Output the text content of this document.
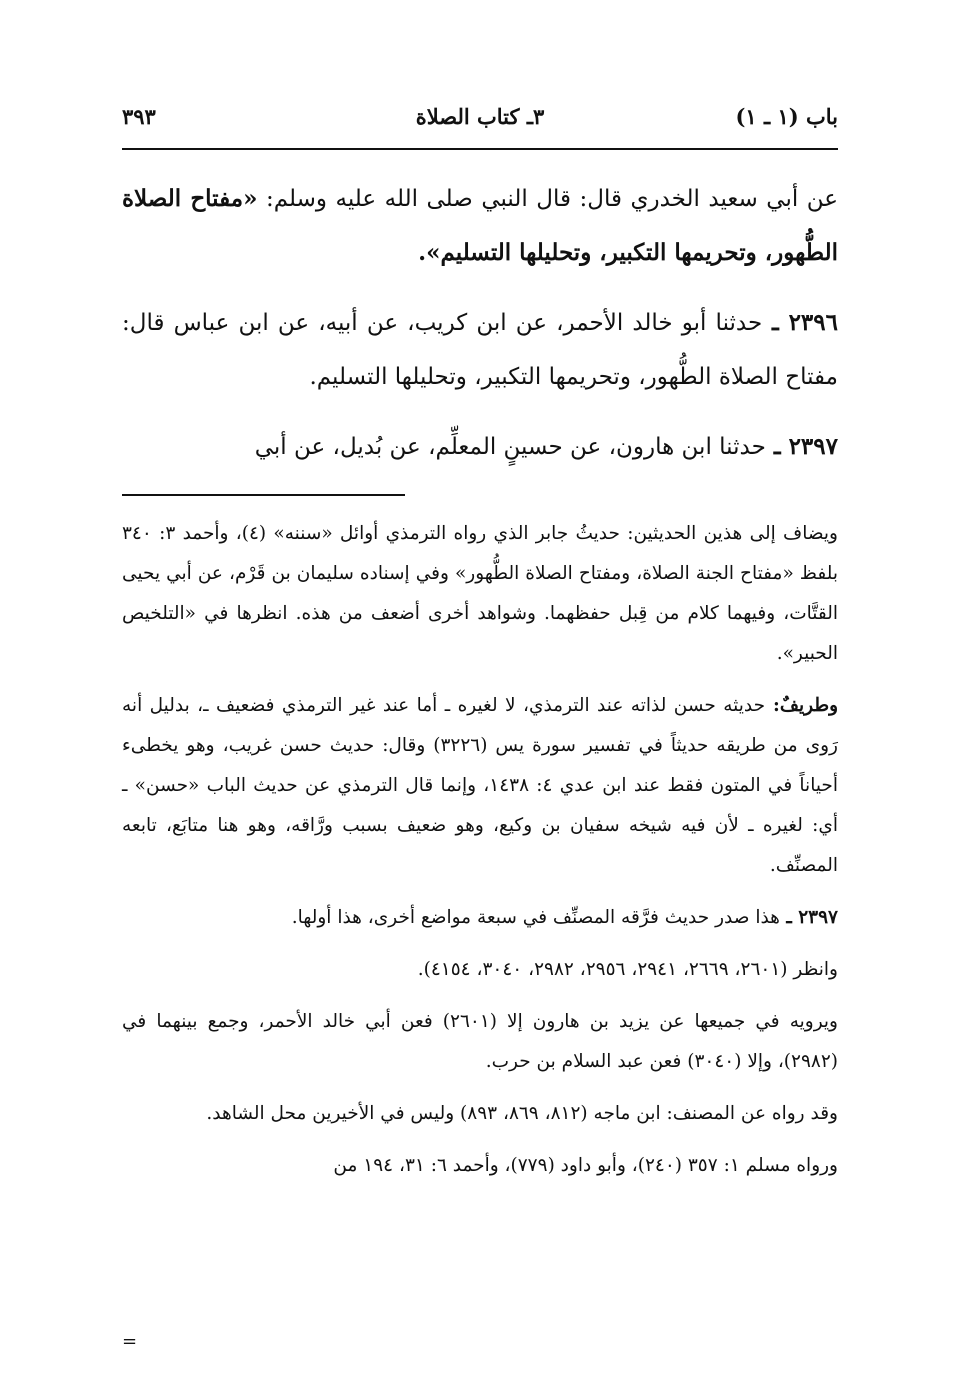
باب (١ ـ ١)
٣ـ كتاب الصلاة
٣٩٣

عن أبي سعيد الخدري قال: قال النبي صلى الله عليه وسلم: «مفتاح الصلاة الطُّهور، وتحريمها التكبير، وتحليلها التسليم».

٢٣٩٦ ـ حدثنا أبو خالد الأحمر، عن ابن كريب، عن أبيه، عن ابن عباس قال: مفتاح الصلاة الطُّهور، وتحريمها التكبير، وتحليلها التسليم.

٢٣٩٧ ـ حدثنا ابن هارون، عن حسينٍ المعلِّم، عن بُديل، عن أبي

ويضاف إلى هذين الحديثين: حديثُ جابر الذي رواه الترمذي أوائل «سننه» (٤)، وأحمد ٣: ٣٤٠ بلفظ «مفتاح الجنة الصلاة، ومفتاح الصلاة الطُّهور» وفي إسناده سليمان بن قَرْم، عن أبي يحيى القتَّات، وفيهما كلام من قِبل حفظهما. وشواهد أخرى أضعف من هذه. انظرها في «التلخيص الحبير».

وطريفٌ: حديثه حسن لذاته عند الترمذي، لا لغيره ـ أما عند غير الترمذي فضعيف ـ، بدليل أنه رَوى من طريقه حديثاً في تفسير سورة يس (٣٢٢٦) وقال: حديث حسن غريب، وهو يخطىء أحياناً في المتون فقط عند ابن عدي ٤: ١٤٣٨، وإنما قال الترمذي عن حديث الباب «حسن» ـ أي: لغيره ـ لأن فيه شيخه سفيان بن وكيع، وهو ضعيف بسبب ورَّاقه، وهو هنا متابَع، تابعه المصنِّف.

٢٣٩٧ ـ هذا صدر حديث فرَّقه المصنِّف في سبعة مواضع أخرى، هذا أولها.

وانظر (٢٦٠١، ٢٦٦٩، ٢٩٤١، ٢٩٥٦، ٢٩٨٢، ٣٠٤٠، ٤١٥٤).

ويرويه في جميعها عن يزيد بن هارون إلا (٢٦٠١) فعن أبي خالد الأحمر، وجمع بينهما في (٢٩٨٢)، وإلا (٣٠٤٠) فعن عبد السلام بن حرب.

وقد رواه عن المصنف: ابن ماجه (٨١٢، ٨٦٩، ٨٩٣) وليس في الأخيرين محل الشاهد.

ورواه مسلم ١: ٣٥٧ (٢٤٠)، وأبو داود (٧٧٩)، وأحمد ٦: ٣١، ١٩٤ من

=
